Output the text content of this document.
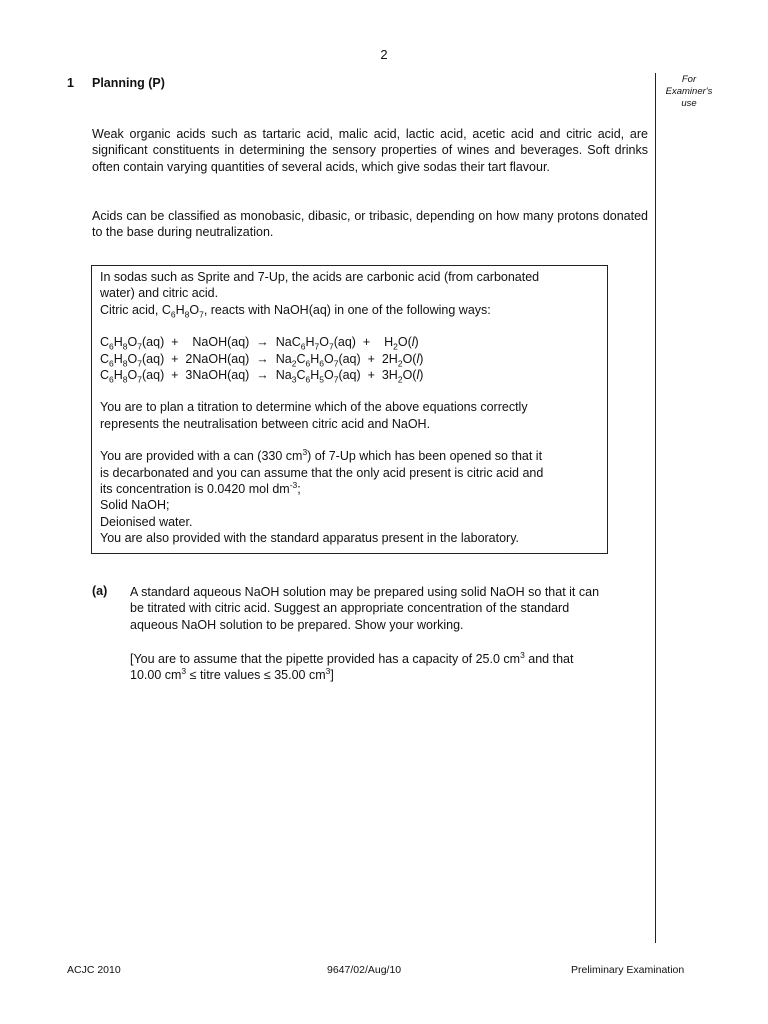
2
1 Planning (P)	For
Examiner's
use
Weak organic acids such as tartaric acid, malic acid, lactic acid, acetic acid and citric acid, are significant constituents in determining the sensory properties of wines and beverages. Soft drinks often contain varying quantities of several acids, which give sodas their tart flavour.
Acids can be classified as monobasic, dibasic, or tribasic, depending on how many protons donated to the base during neutralization.
In sodas such as Sprite and 7-Up, the acids are carbonic acid (from carbonated
water) and citric acid.
Citric acid, $C_6H_8O_7$, reacts with NaOH(aq) in one of the following ways:
$C_6H_8O_7(aq)$  +    NaOH(aq)  →  $NaC_6H_7O_7(aq)$  +    $H_2O(l)$
$C_6H_8O_7(aq)$  +  2NaOH(aq)  →  $Na_2C_6H_6O_7(aq) + 2H_2O(l)$
$C_6H_8O_7(aq)$  +  3NaOH(aq)  →  $Na_3C_6H_5O_7(aq) + 3H_2O(l)$
You are to plan a titration to determine which of the above equations correctly
represents the neutralisation between citric acid and NaOH.
You are provided with a can (330 $cm^3$) of 7-Up which has been opened so that it
is decarbonated and you can assume that the only acid present is citric acid and
its concentration is 0.0420 mol $dm^{-3}$;
Solid NaOH;
Deionised water.
You are also provided with the standard apparatus present in the laboratory.
(a) A standard aqueous NaOH solution may be prepared using solid NaOH so that it can
be titrated with citric acid. Suggest an appropriate concentration of the standard
aqueous NaOH solution to be prepared. Show your working.
[You are to assume that the pipette provided has a capacity of 25.0 $cm^3$ and that
10.00 $cm^3$ ≤ titre values ≤ 35.00 $cm^3$]
ACJC 2010	9647/02/Aug/10	Preliminary Examination
